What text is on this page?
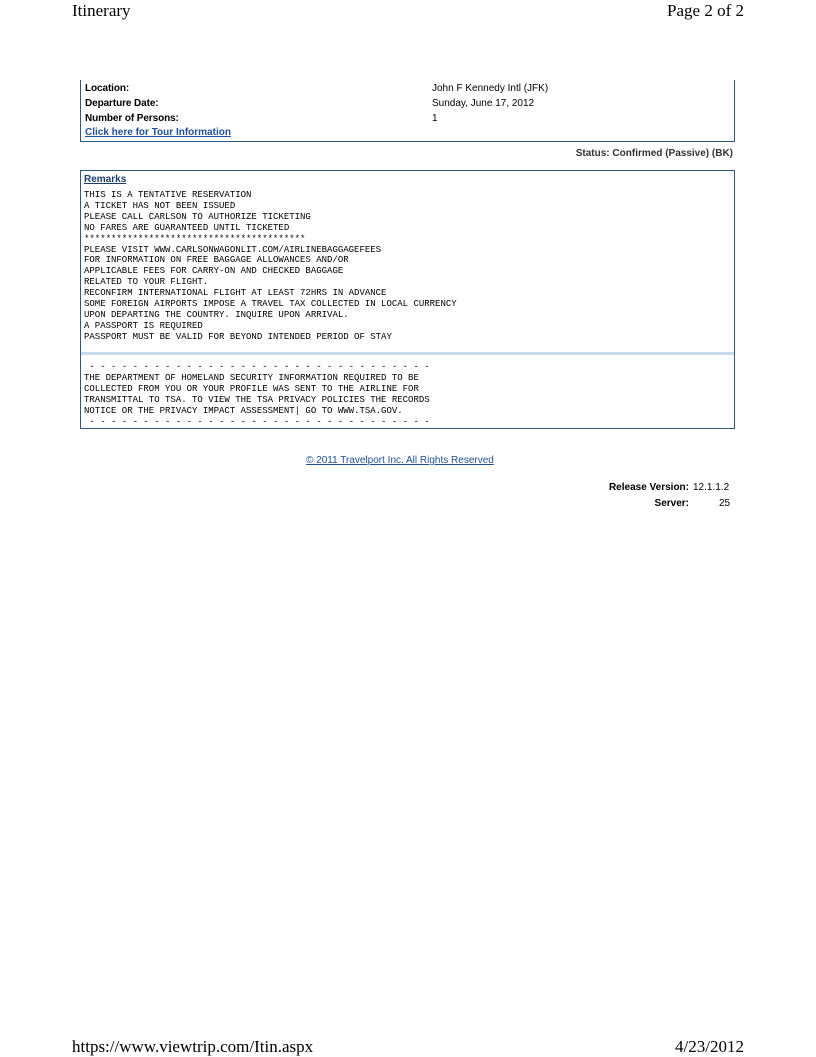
Itinerary	Page 2 of 2
Location:	John F Kennedy Intl (JFK)
Departure Date:	Sunday, June 17, 2012
Number of Persons:	1
Click here for Tour Information
Status: Confirmed (Passive) (BK)
Remarks
THIS IS A TENTATIVE RESERVATION
A TICKET HAS NOT BEEN ISSUED
PLEASE CALL CARLSON TO AUTHORIZE TICKETING
NO FARES ARE GUARANTEED UNTIL TICKETED
*****************************************
PLEASE VISIT WWW.CARLSONWAGONLIT.COM/AIRLINEBAGGAGEFEES
FOR INFORMATION ON FREE BAGGAGE ALLOWANCES AND/OR
APPLICABLE FEES FOR CARRY-ON AND CHECKED BAGGAGE
RELATED TO YOUR FLIGHT.
RECONFIRM INTERNATIONAL FLIGHT AT LEAST 72HRS IN ADVANCE
SOME FOREIGN AIRPORTS IMPOSE A TRAVEL TAX COLLECTED IN LOCAL CURRENCY
UPON DEPARTING THE COUNTRY. INQUIRE UPON ARRIVAL.
A PASSPORT IS REQUIRED
PASSPORT MUST BE VALID FOR BEYOND INTENDED PERIOD OF STAY
- - - - - - - - - - - - - - - - - - - - - - - - - - - - - - - -
THE DEPARTMENT OF HOMELAND SECURITY INFORMATION REQUIRED TO BE
COLLECTED FROM YOU OR YOUR PROFILE WAS SENT TO THE AIRLINE FOR
TRANSMITTAL TO TSA. TO VIEW THE TSA PRIVACY POLICIES THE RECORDS
NOTICE OR THE PRIVACY IMPACT ASSESSMENT| GO TO WWW.TSA.GOV.
- - - - - - - - - - - - - - - - - - - - - - - - - - - - - - - -
© 2011 Travelport Inc. All Rights Reserved
Release Version: 12.1.1.2
Server:	25
https://www.viewtrip.com/Itin.aspx	4/23/2012
